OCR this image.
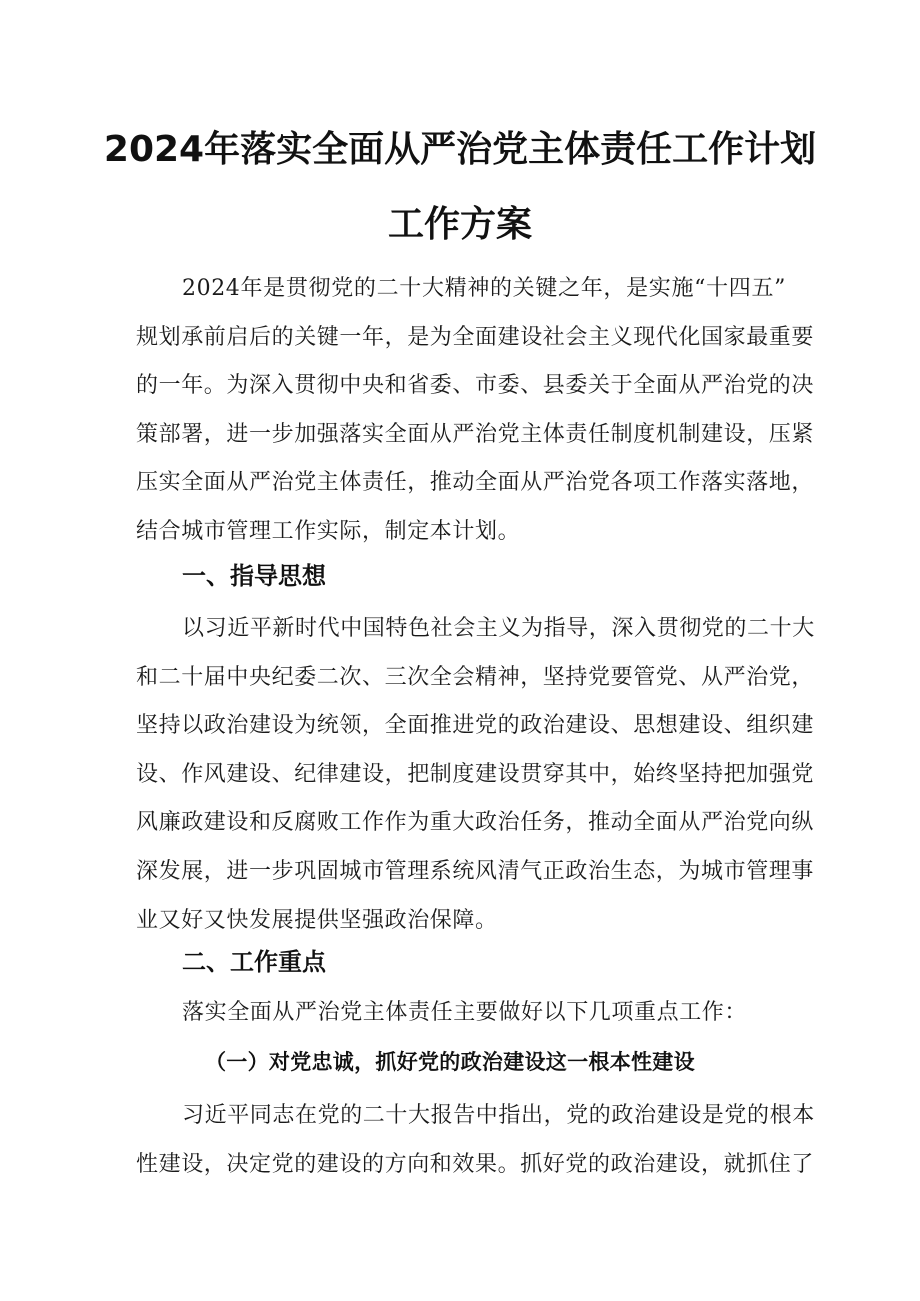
2024年落实全面从严治党主体责任工作计划
工作方案
2024年是贯彻党的二十大精神的关键之年，是实施“十四五”
规划承前启后的关键一年，是为全面建设社会主义现代化国家最重要
的一年。为深入贯彻中央和省委、市委、县委关于全面从严治党的决
策部署，进一步加强落实全面从严治党主体责任制度机制建设，压紧
压实全面从严治党主体责任，推动全面从严治党各项工作落实落地，
结合城市管理工作实际，制定本计划。
一、指导思想
以习近平新时代中国特色社会主义为指导，深入贯彻党的二十大
和二十届中央纪委二次、三次全会精神，坚持党要管党、从严治党，
坚持以政治建设为统领，全面推进党的政治建设、思想建设、组织建
设、作风建设、纪律建设，把制度建设贯穿其中，始终坚持把加强党
风廉政建设和反腐败工作作为重大政治任务，推动全面从严治党向纵
深发展，进一步巩固城市管理系统风清气正政治生态，为城市管理事
业又好又快发展提供坚强政治保障。
二、工作重点
落实全面从严治党主体责任主要做好以下几项重点工作：
（一）对党忠诚，抓好党的政治建设这一根本性建设
习近平同志在党的二十大报告中指出，党的政治建设是党的根本
性建设，决定党的建设的方向和效果。抓好党的政治建设，就抓住了
